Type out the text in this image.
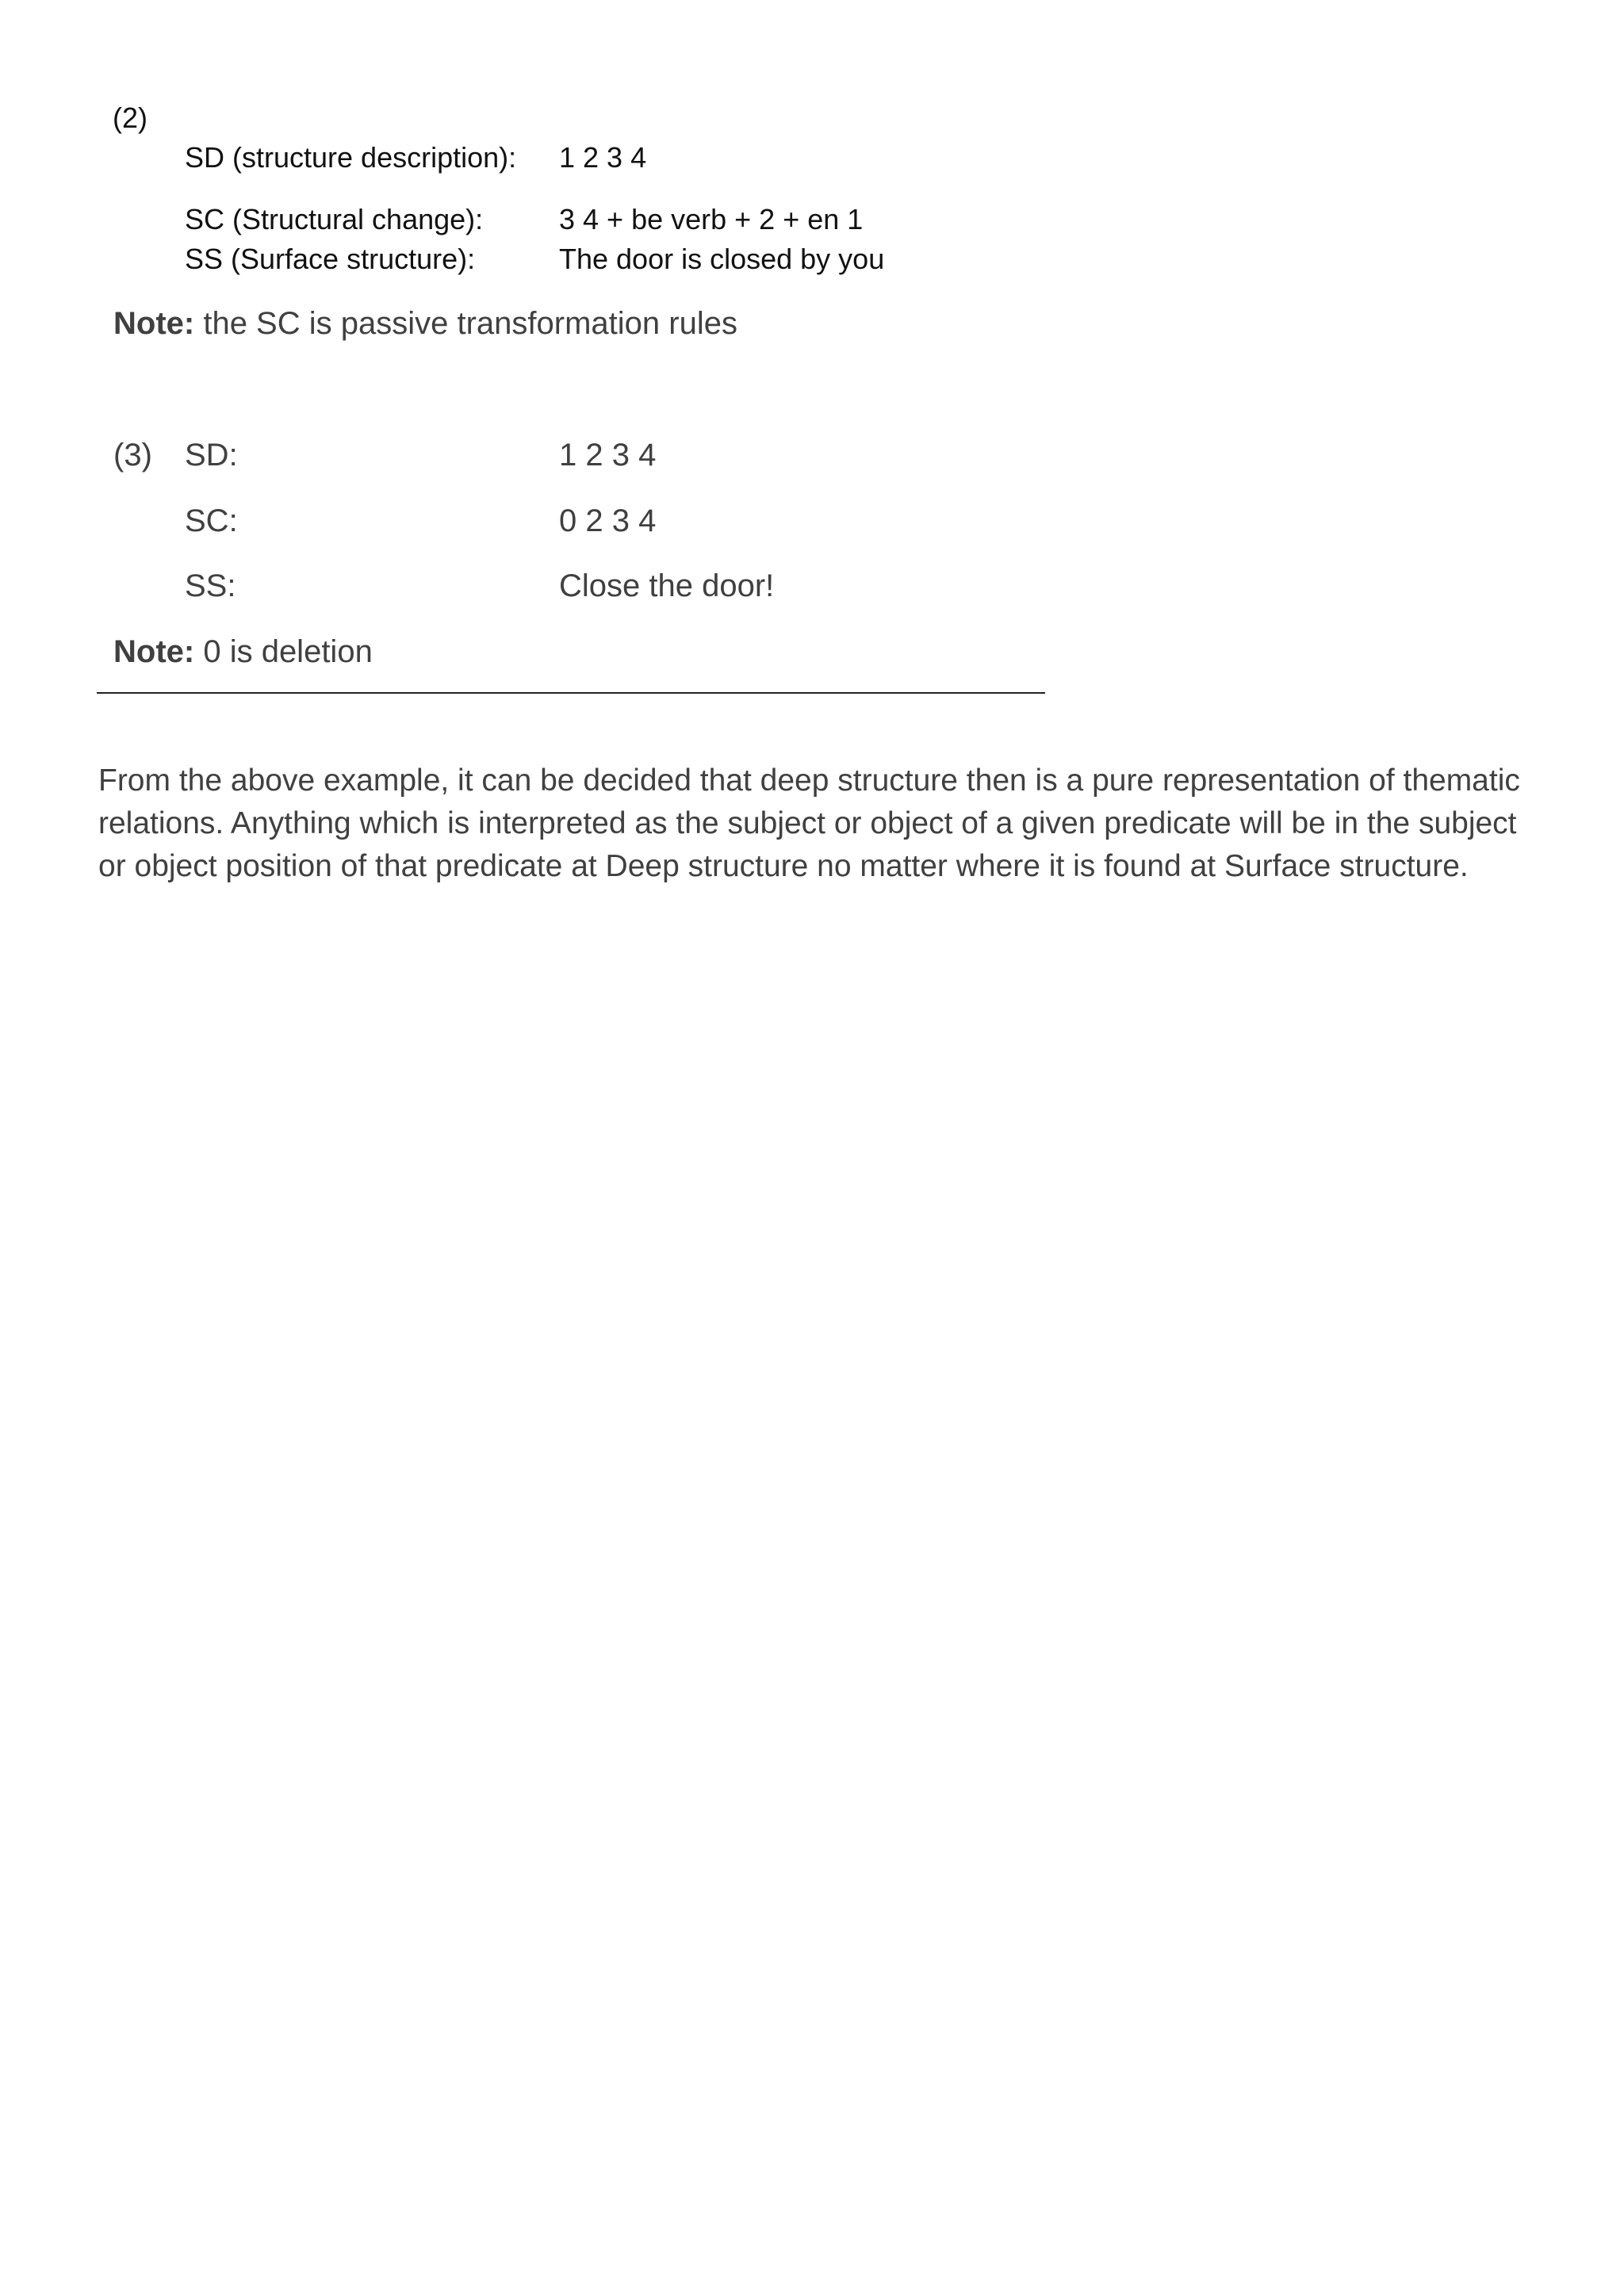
(2)
SD (structure description): 1 2 3 4
SC (Structural change):	3 4 + be verb + 2 + en 1
SS (Surface structure):	The door is closed by you
Note: the SC is passive transformation rules
(3) SD:	1 2 3 4
SC:	0 2 3 4
SS:	Close the door!
Note: 0 is deletion
From the above example, it can be decided that deep structure then is a pure representation of thematic
relations. Anything which is interpreted as the subject or object of a given predicate will be in the subject
or object position of that predicate at Deep structure no matter where it is found at Surface structure.
